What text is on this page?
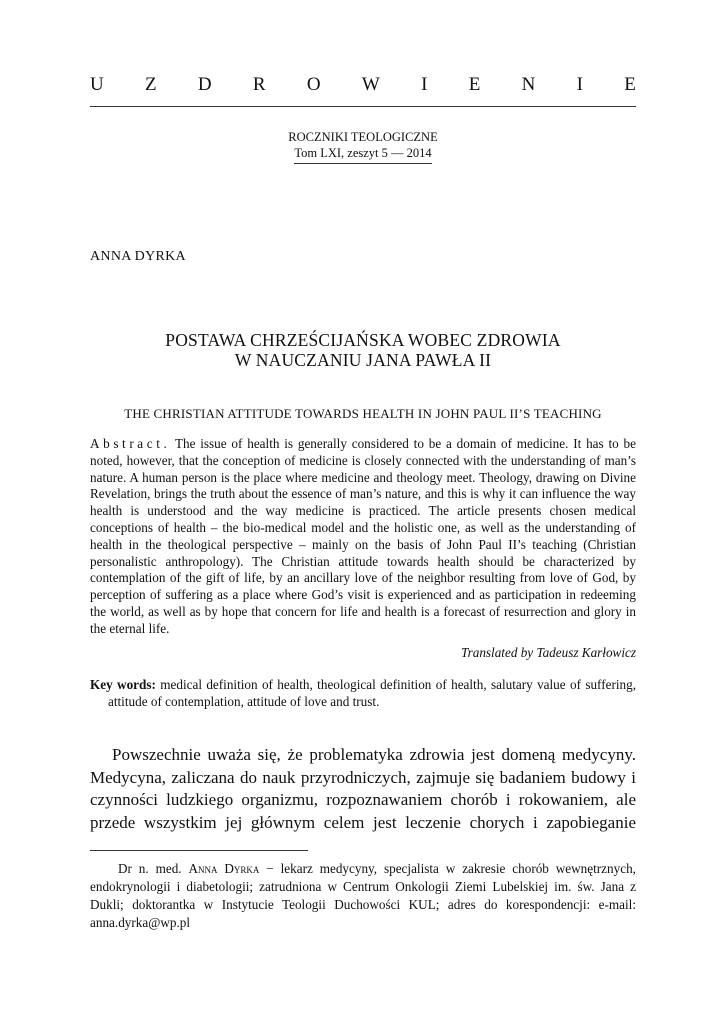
U Z D R O W I E N I E
ROCZNIKI TEOLOGICZNE
Tom LXI, zeszyt 5 — 2014
ANNA DYRKA
POSTAWA CHRZEŚCIJAŃSKA WOBEC ZDROWIA
W NAUCZANIU JANA PAWŁA II
THE CHRISTIAN ATTITUDE TOWARDS HEALTH IN JOHN PAUL II’S TEACHING
Abstract. The issue of health is generally considered to be a domain of medicine. It has to be noted, however, that the conception of medicine is closely connected with the understanding of man’s nature. A human person is the place where medicine and theology meet. Theology, drawing on Divine Revelation, brings the truth about the essence of man’s nature, and this is why it can influence the way health is understood and the way medicine is practiced. The article presents chosen medical conceptions of health – the bio-medical model and the holistic one, as well as the understanding of health in the theological perspective – mainly on the basis of John Paul II’s teaching (Christian personalistic anthropology). The Christian attitude towards health should be characterized by contemplation of the gift of life, by an ancillary love of the neighbor resulting from love of God, by perception of suffering as a place where God’s visit is experienced and as participation in redeeming the world, as well as by hope that concern for life and health is a forecast of resurrection and glory in the eternal life.
Translated by Tadeusz Karłowicz
Key words: medical definition of health, theological definition of health, salutary value of suffering, attitude of contemplation, attitude of love and trust.
Powszechnie uważa się, że problematyka zdrowia jest domeną medycyny. Medycyna, zaliczana do nauk przyrodniczych, zajmuje się badaniem budowy i czynności ludzkiego organizmu, rozpoznawaniem chorób i rokowaniem, ale przede wszystkim jej głównym celem jest leczenie chorych i zapobieganie
Dr n. med. Anna Dyrka − lekarz medycyny, specjalista w zakresie chorób wewnętrznych, endokrynologii i diabetologii; zatrudniona w Centrum Onkologii Ziemi Lubelskiej im. św. Jana z Dukli; doktorantka w Instytucie Teologii Duchowości KUL; adres do korespondencji: e-mail: anna.dyrka@wp.pl
